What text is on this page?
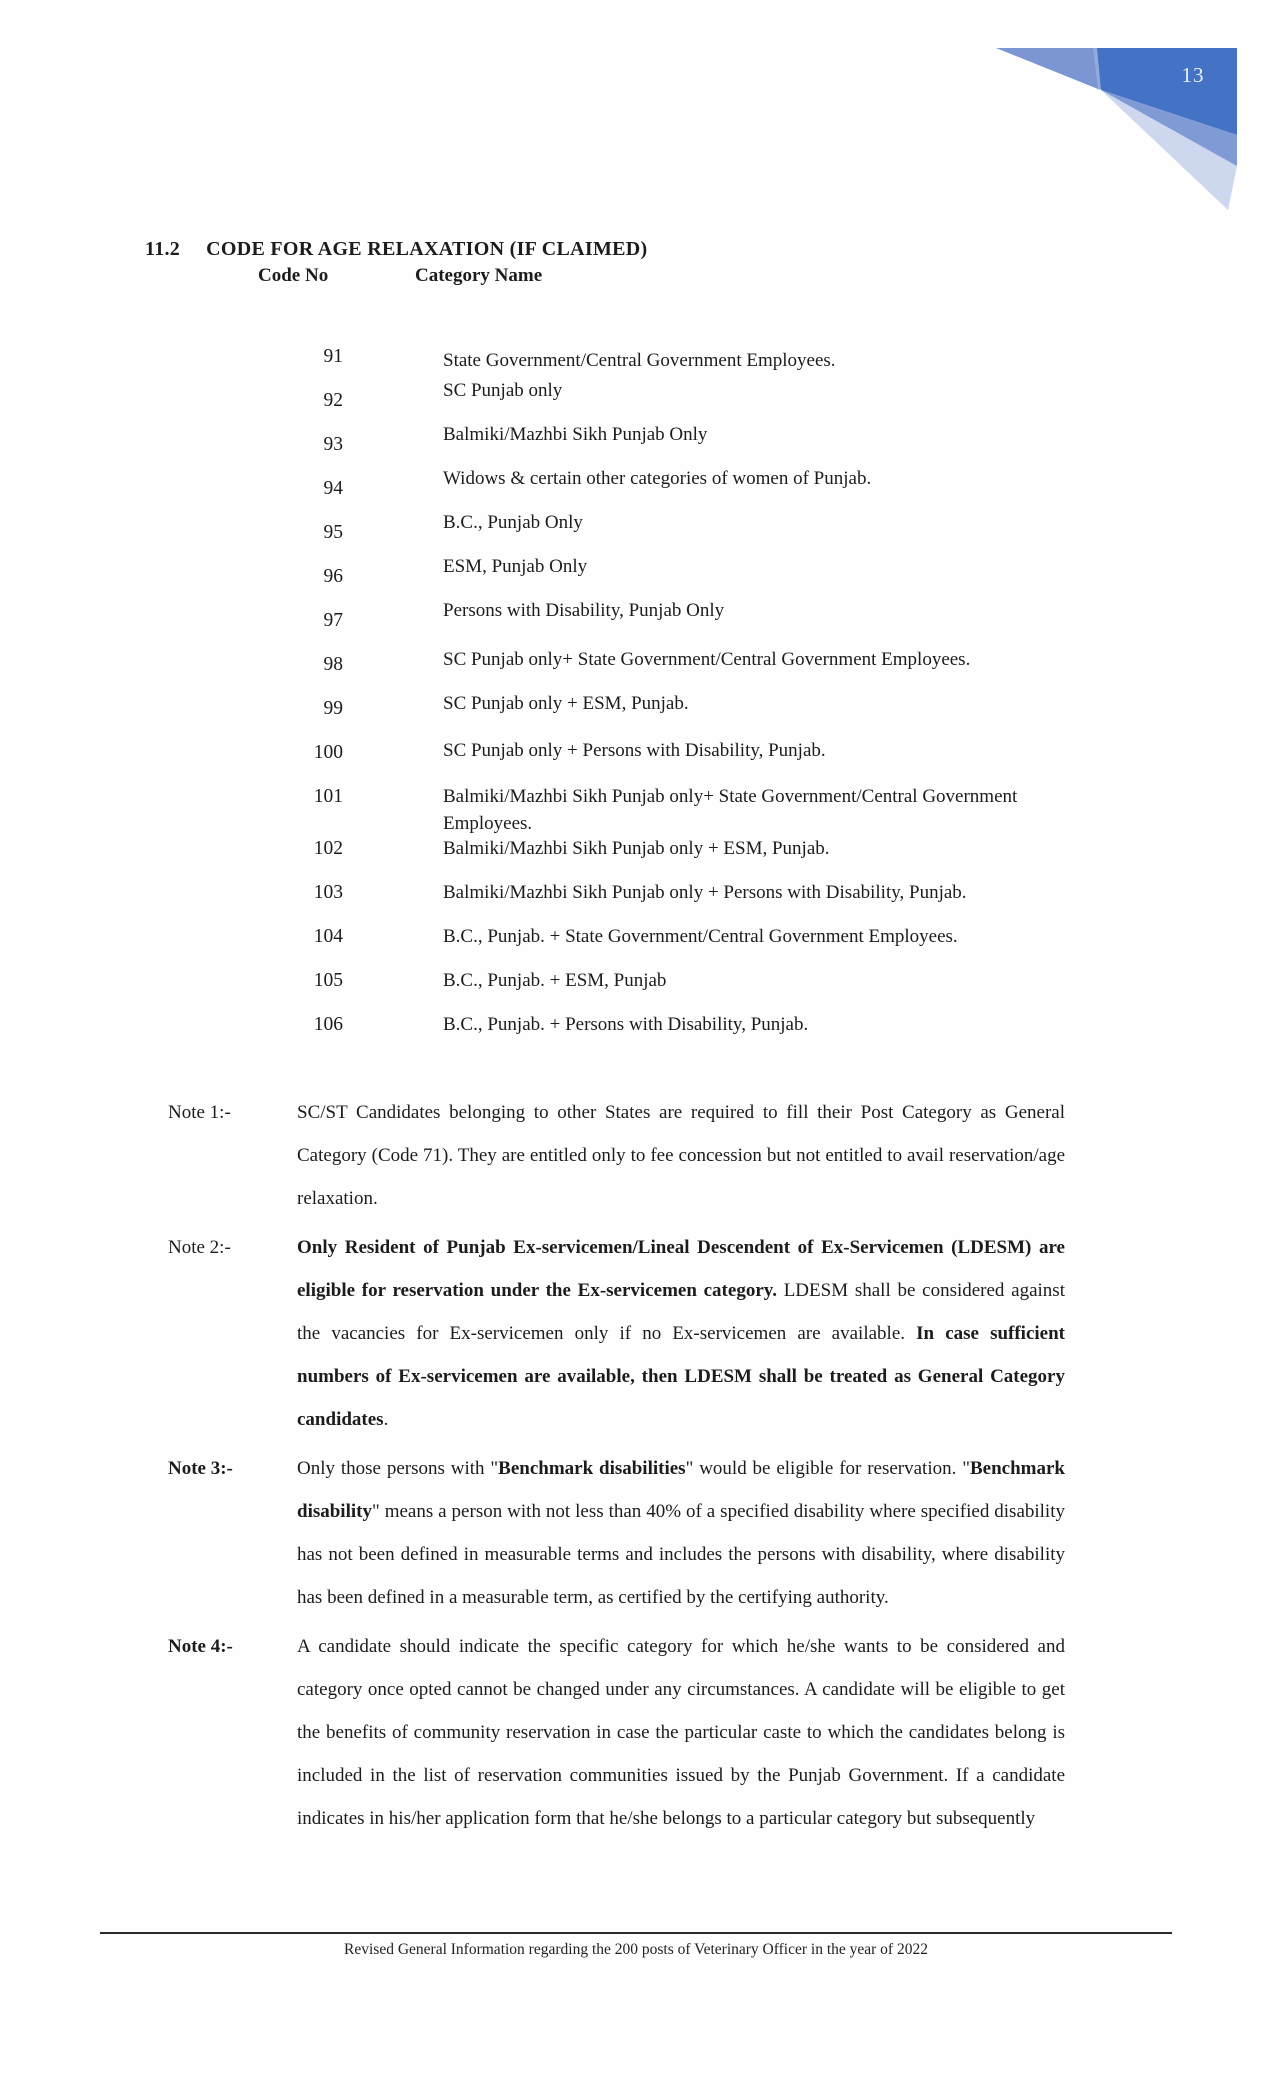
13
11.2 CODE FOR AGE RELAXATION (IF CLAIMED)
Code No	Category Name
91	State Government/Central Government Employees.
92	SC Punjab only
93	Balmiki/Mazhbi Sikh Punjab Only
94	Widows & certain other categories of women of Punjab.
95	B.C., Punjab Only
96	ESM, Punjab Only
97	Persons with Disability, Punjab Only
98	SC Punjab only+ State Government/Central Government Employees.
99	SC Punjab only + ESM, Punjab.
100	SC Punjab only + Persons with Disability, Punjab.
101	Balmiki/Mazhbi Sikh Punjab only+ State Government/Central Government Employees.
102	Balmiki/Mazhbi Sikh Punjab only + ESM, Punjab.
103	Balmiki/Mazhbi Sikh Punjab only + Persons with Disability, Punjab.
104	B.C., Punjab. + State Government/Central Government Employees.
105	B.C., Punjab. + ESM, Punjab
106	B.C., Punjab. + Persons with Disability, Punjab.
Note 1:-	SC/ST Candidates belonging to other States are required to fill their Post Category as General Category (Code 71). They are entitled only to fee concession but not entitled to avail reservation/age relaxation.

Note 2:-	Only Resident of Punjab Ex-servicemen/Lineal Descendent of Ex-Servicemen (LDESM) are eligible for reservation under the Ex-servicemen category. LDESM shall be considered against the vacancies for Ex-servicemen only if no Ex-servicemen are available. In case sufficient numbers of Ex-servicemen are available, then LDESM shall be treated as General Category candidates.

Note 3:-	Only those persons with "Benchmark disabilities" would be eligible for reservation. "Benchmark disability" means a person with not less than 40% of a specified disability where specified disability has not been defined in measurable terms and includes the persons with disability, where disability has been defined in a measurable term, as certified by the certifying authority.

Note 4:-	A candidate should indicate the specific category for which he/she wants to be considered and category once opted cannot be changed under any circumstances. A candidate will be eligible to get the benefits of community reservation in case the particular caste to which the candidates belong is included in the list of reservation communities issued by the Punjab Government. If a candidate indicates in his/her application form that he/she belongs to a particular category but subsequently

Revised General Information regarding the 200 posts of Veterinary Officer in the year of 2022
